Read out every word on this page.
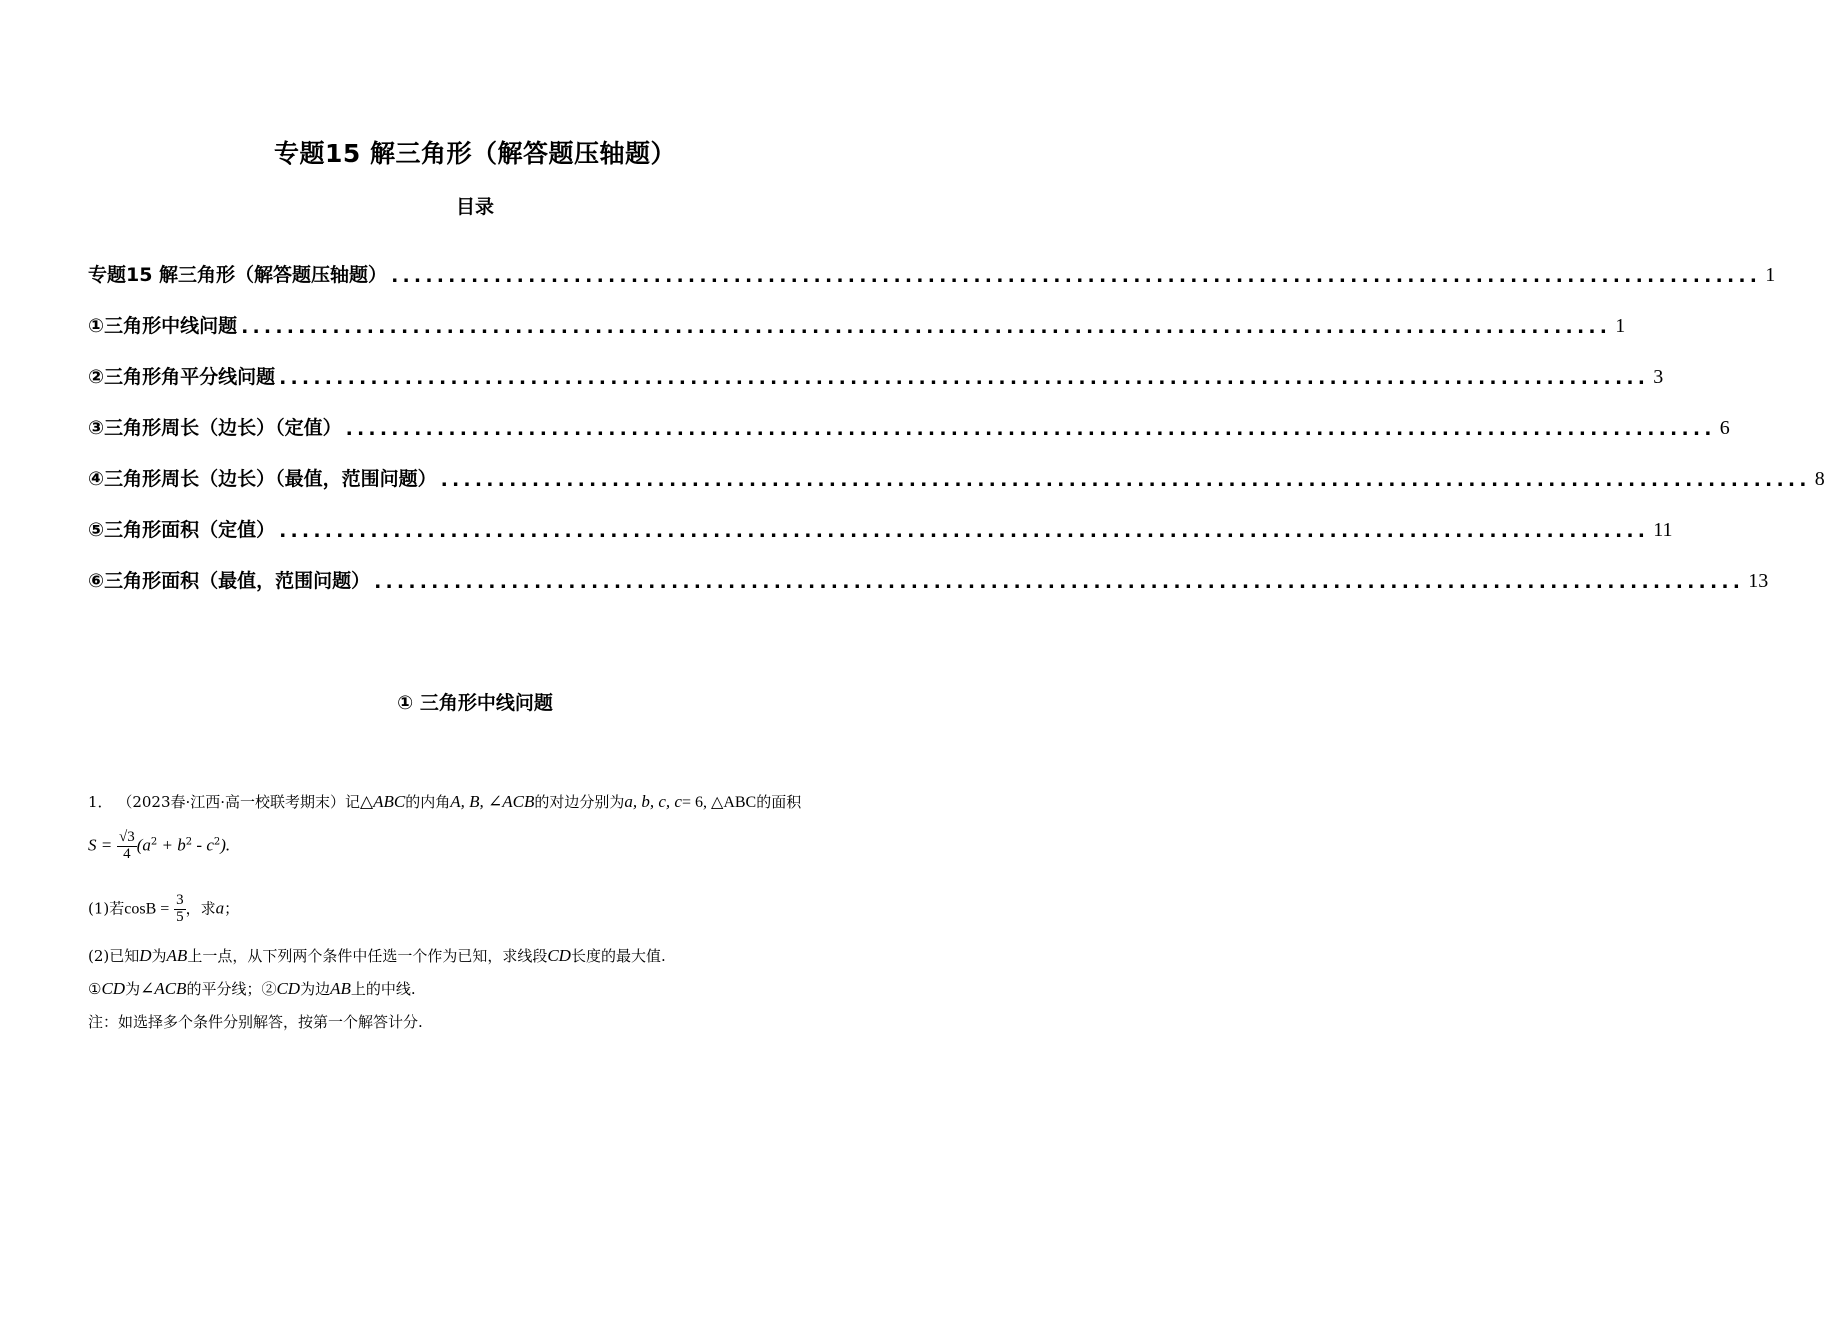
专题15 解三角形（解答题压轴题）
目录
专题15 解三角形（解答题压轴题） ........................................................................................................................ 1
①三角形中线问题 ........................................................................................................................ 1
②三角形角平分线问题 ........................................................................................................................ 3
③三角形周长（边长）（定值） ........................................................................................................................ 6
④三角形周长（边长）（最值，范围问题） ........................................................................................................................ 8
⑤三角形面积（定值） ........................................................................................................................ 11
⑥三角形面积（最值，范围问题） ........................................................................................................................ 13
① 三角形中线问题
1． （2023春·江西·高一校联考期末）记△ABC的内角A, B, ∠ACB的对边分别为a, b, c, c= 6, △ABC的面积
$S = \frac{√3}{4} (a^2 + b^2 - c^2)$.
(1)若$\cos B = \frac{3}{5}$ ，求a；
(2)已知D为AB上一点，从下列两个条件中任选一个作为已知，求线段CD长度的最大值.
①CD为∠ACB的平分线；②CD为边AB上的中线.
注：如选择多个条件分别解答，按第一个解答计分.
